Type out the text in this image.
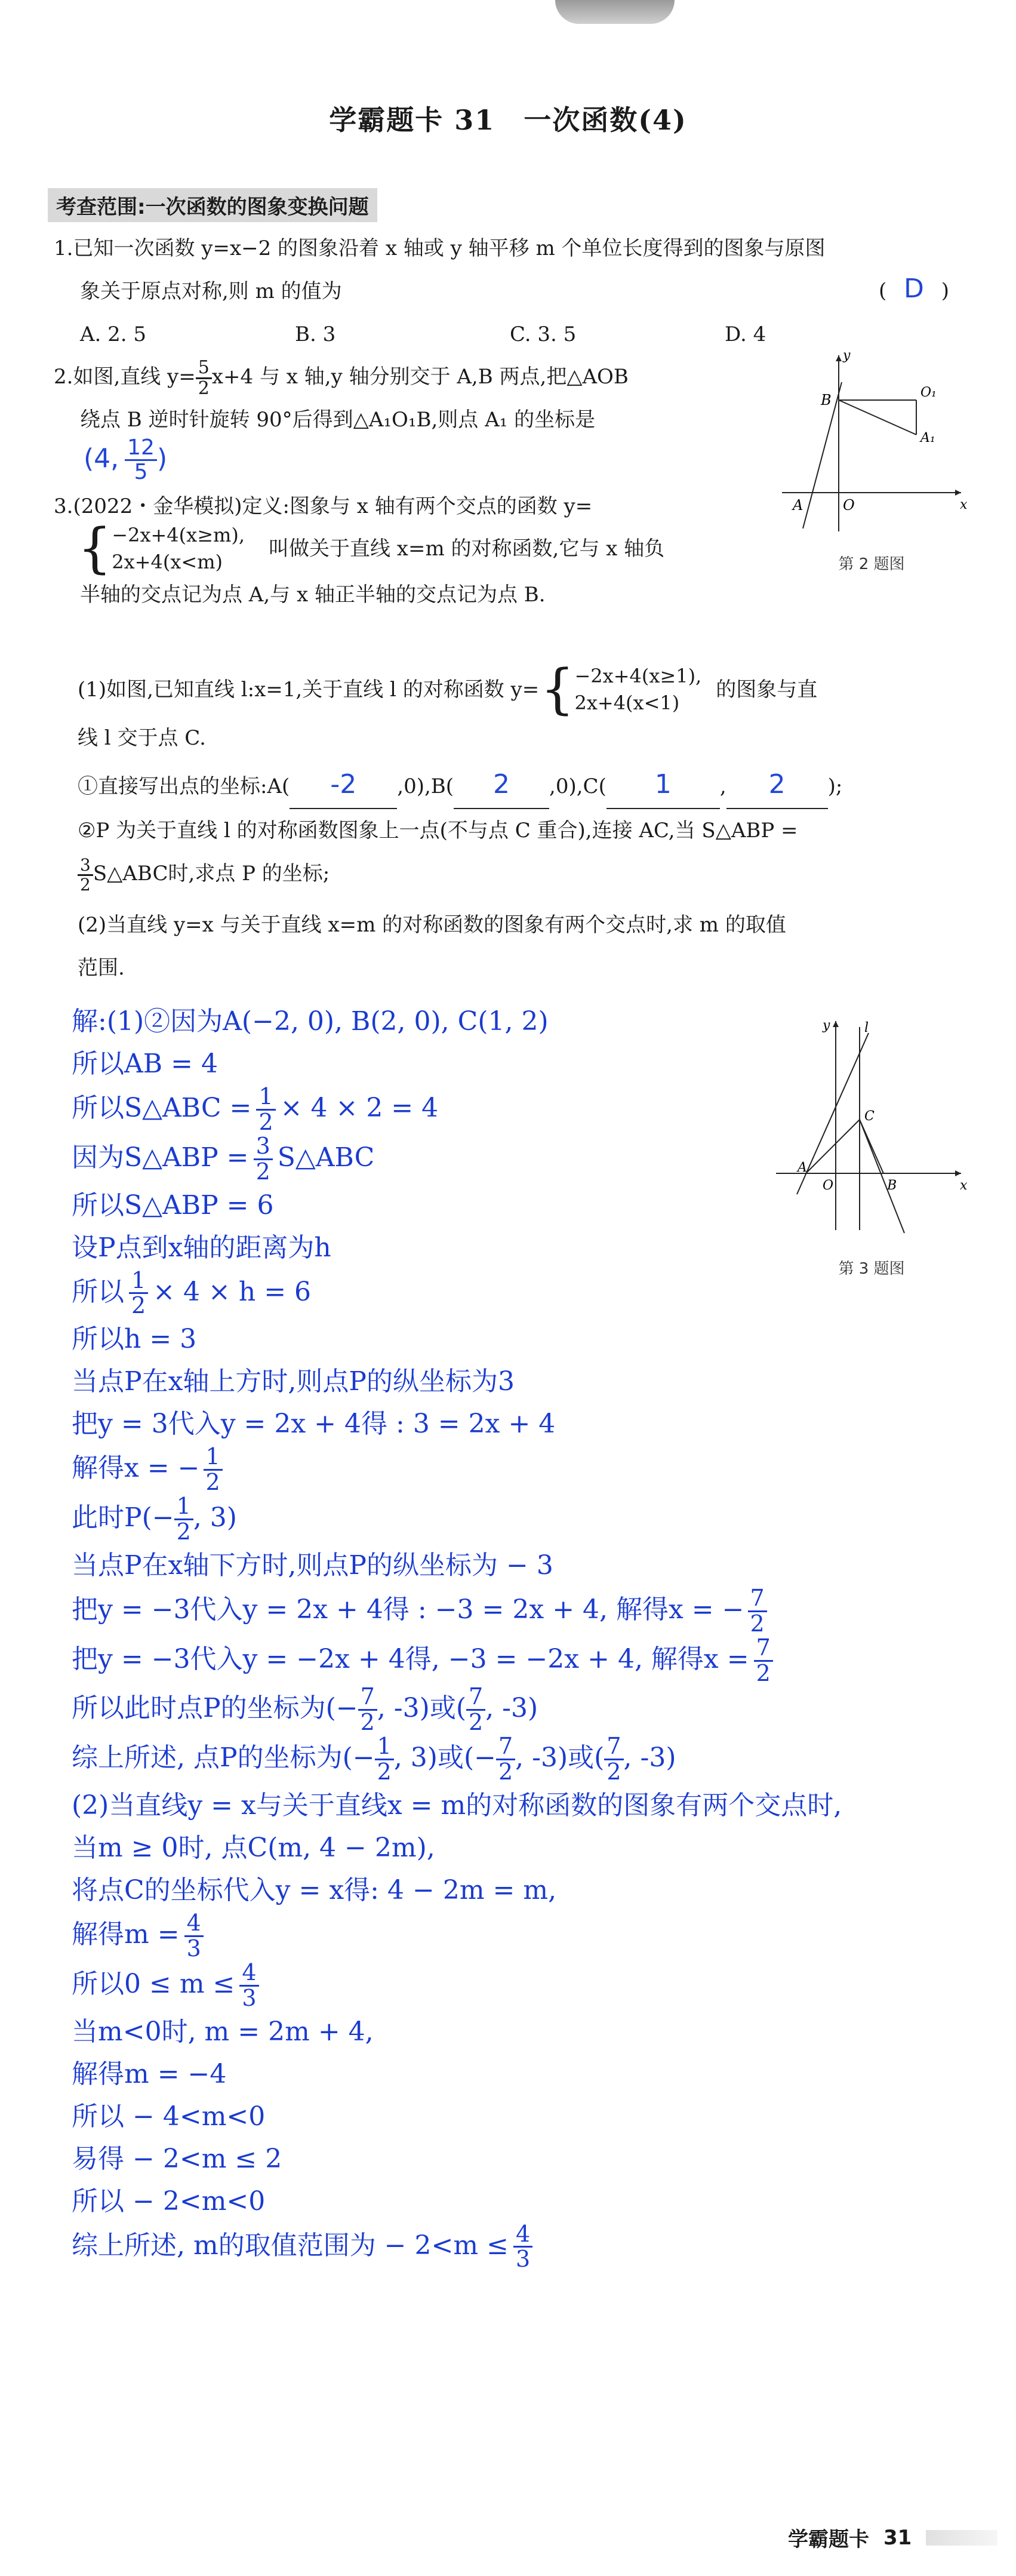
学霸题卡 31　一次函数(4)
考查范围:一次函数的图象变换问题
1.已知一次函数 y=x−2 的图象沿着 x 轴或 y 轴平移 m 个单位长度得到的图象与原图
象关于原点对称,则 m 的值为	( D )
A. 2. 5	B. 3	C. 3. 5	D. 4
2.如图,直线 $y= \frac{5}{2} x+4$ 与 x 轴,y 轴分别交于 A,B 两点,把△AOB
绕点 B 逆时针旋转 90°后得到△A₁O₁B,则点 A₁ 的坐标是
(4, $\frac{12}{5}$ )
y
x
B	O₁
A₁
A	O
第 2 题图
3.(2022・金华模拟)定义:图象与 x 轴有两个交点的函数 y=
{ −2x+4(x≥m),
2x+4(x<m)
叫做关于直线 x=m 的对称函数,它与 x 轴负
半轴的交点记为点 A,与 x 轴正半轴的交点记为点 B.
(1)如图,已知直线 l:x=1,关于直线 l 的对称函数 y= { −2x+4(x≥1),
2x+4(x<1)
的图象与直
线 l 交于点 C.
①直接写出点的坐标:A( -2 ,0),B( 2 ,0),C( 1 , 2 );
②P 为关于直线 l 的对称函数图象上一点(不与点 C 重合),连接 AC,当 S△ABP =
$\frac{3}{2}$ S△ABC时,求点 P 的坐标;
(2)当直线 y=x 与关于直线 x=m 的对称函数的图象有两个交点时,求 m 的取值
范围.
y	l
C
A
O	B	x
第 3 题图
解:(1)②因为A(−2, 0), B(2, 0), C(1, 2)
所以AB = 4
所以S△ABC = $\frac{1}{2} \times 4 \times 2 = 4$
因为S△ABP = $\frac{3}{2}$ S△ABC
所以S△ABP = 6
设P点到x轴的距离为h
所以 $\frac{1}{2} \times 4 \times h = 6$
所以h = 3
当点P在x轴上方时,则点P的纵坐标为3
把y = 3代入y = 2x + 4得 : 3 = 2x + 4
解得x = − $\frac{1}{2}$
此时$P(- \frac{1}{2}$ , 3)
当点P在x轴下方时,则点P的纵坐标为 − 3
把y = −3代入y = 2x + 4得 : −3 = 2x + 4, 解得x = − $\frac{7}{2}$
把y = −3代入y = −2x + 4得, −3 = −2x + 4, 解得$x = \frac{7}{2}$
所以此时点P的坐标为(− $\frac{7}{2}$ , -3)或( $\frac{7}{2}$ , -3)
综上所述, 点P的坐标为(− $\frac{1}{2}$ , 3)或(− $\frac{7}{2}$ , -3)或( $\frac{7}{2}$ , -3)
(2)当直线y = x与关于直线x = m的对称函数的图象有两个交点时,
当m ≥ 0时, 点C(m, 4 − 2m),
将点C的坐标代入y = x得: 4 − 2m = m,
解得$m = \frac{4}{3}$
所以$0 \le m \le \frac{4}{3}$
当m<0时, m = 2m + 4,
解得m = −4
所以 − 4<m<0
易得 − 2<m ≤ 2
所以 − 2<m<0
综上所述, m的取值范围为 − $2<m \le \frac{4}{3}$
学霸题卡 31
